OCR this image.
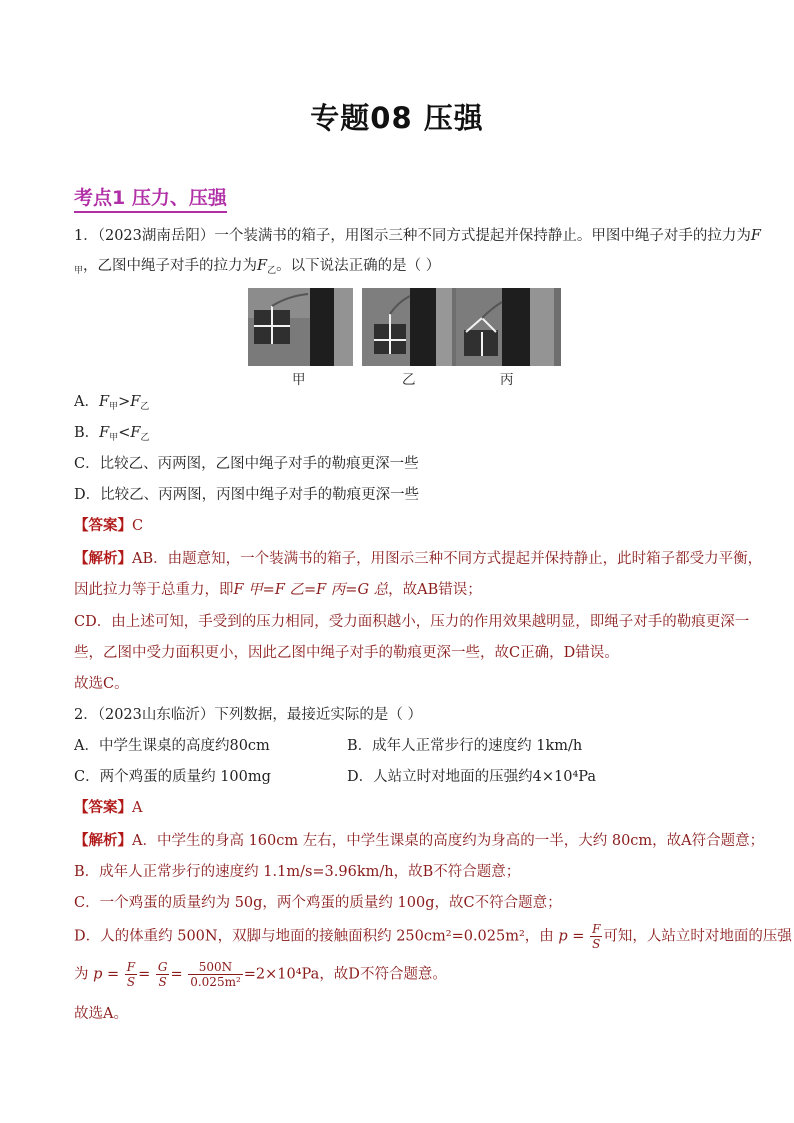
专题08 压强
考点1 压力、压强
1．（2023湖南岳阳）一个装满书的箱子，用图示三种不同方式提起并保持静止。甲图中绳子对手的拉力为F
$_甲$，乙图中绳子对手的拉力为$F_乙$。以下说法正确的是（ ）
甲	乙	丙
A．$F_甲>F_乙$
B．$F_甲<F_乙$
C．比较乙、丙两图，乙图中绳子对手的勒痕更深一些
D．比较乙、丙两图，丙图中绳子对手的勒痕更深一些
【答案】C
【解析】AB．由题意知，一个装满书的箱子，用图示三种不同方式提起并保持静止，此时箱子都受力平衡，
因此拉力等于总重力，即F 甲=F 乙=F 丙=G 总，故AB错误；
CD．由上述可知，手受到的压力相同，受力面积越小，压力的作用效果越明显，即绳子对手的勒痕更深一
些，乙图中受力面积更小，因此乙图中绳子对手的勒痕更深一些，故C正确，D错误。
故选C。
2．（2023山东临沂）下列数据，最接近实际的是（ ）
A．中学生课桌的高度约80cm	B．成年人正常步行的速度约 1km/h
C．两个鸡蛋的质量约 100mg	D．人站立时对地面的压强约4×10⁴Pa
【答案】A
【解析】A．中学生的身高 160cm 左右，中学生课桌的高度约为身高的一半，大约 80cm，故A符合题意；
B．成年人正常步行的速度约 1.1m/s=3.96km/h，故B不符合题意；
C．一个鸡蛋的质量约为 50g，两个鸡蛋的质量约 100g，故C不符合题意；
D．人的体重约 500N，双脚与地面的接触面积约 250cm²=0.025m²，由 $p = \frac{F}{S}$ 可知，人站立时对地面的压强
为 $p = \frac{F}{S} = \frac{G}{S} = \frac{500N}{\text{0.025m²}} =2\times 10^4Pa$，故D不符合题意。
故选A。
